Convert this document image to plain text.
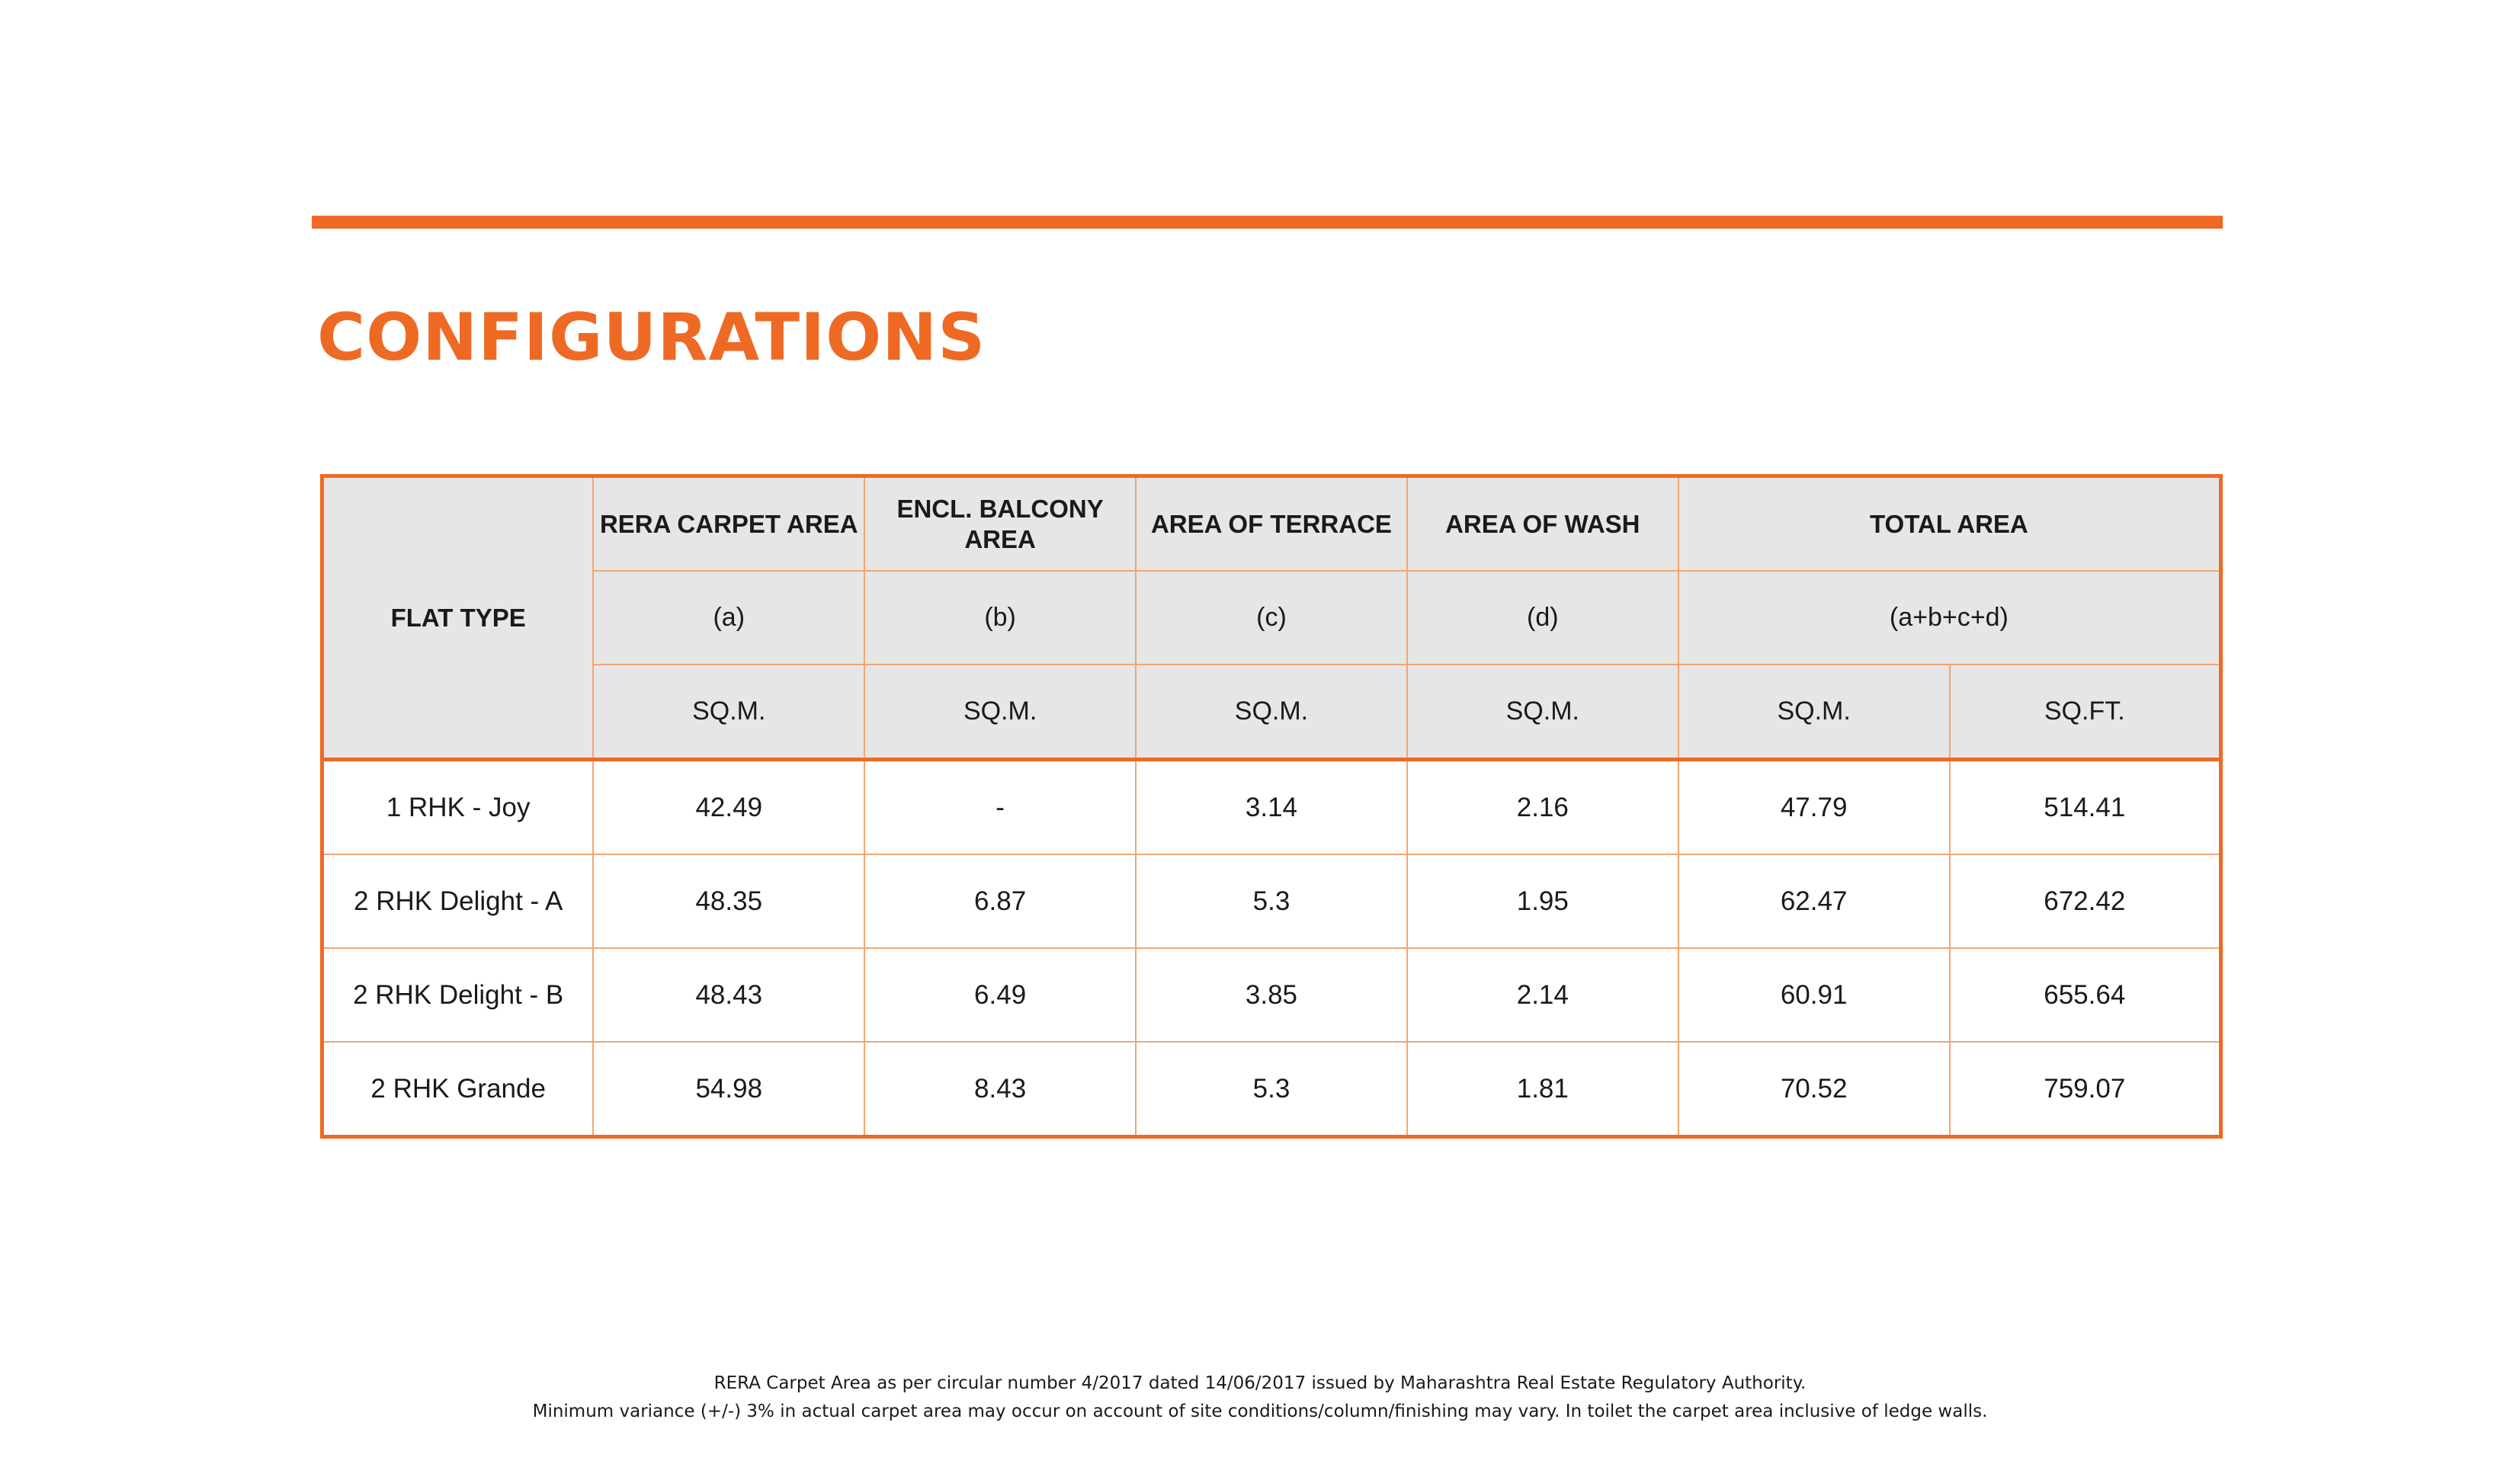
CONFIGURATIONS
FLAT TYPE	RERA CARPET AREA	ENCL. BALCONY AREA	AREA OF TERRACE	AREA OF WASH	TOTAL AREA	
	(a)	(b)	(c)	(d)	(a+b+c+d)	
	SQ.M.	SQ.M.	SQ.M.	SQ.M.	SQ.M.	SQ.FT.
1 RHK - Joy	42.49	-	3.14	2.16	47.79	514.41
2 RHK Delight - A	48.35	6.87	5.3	1.95	62.47	672.42
2 RHK Delight - B	48.43	6.49	3.85	2.14	60.91	655.64
2 RHK Grande	54.98	8.43	5.3	1.81	70.52	759.07

RERA Carpet Area as per circular number 4/2017 dated 14/06/2017 issued by Maharashtra Real Estate Regulatory Authority.

Minimum variance (+/-) 3% in actual carpet area may occur on account of site conditions/column/finishing may vary. In toilet the carpet area inclusive of ledge walls.
